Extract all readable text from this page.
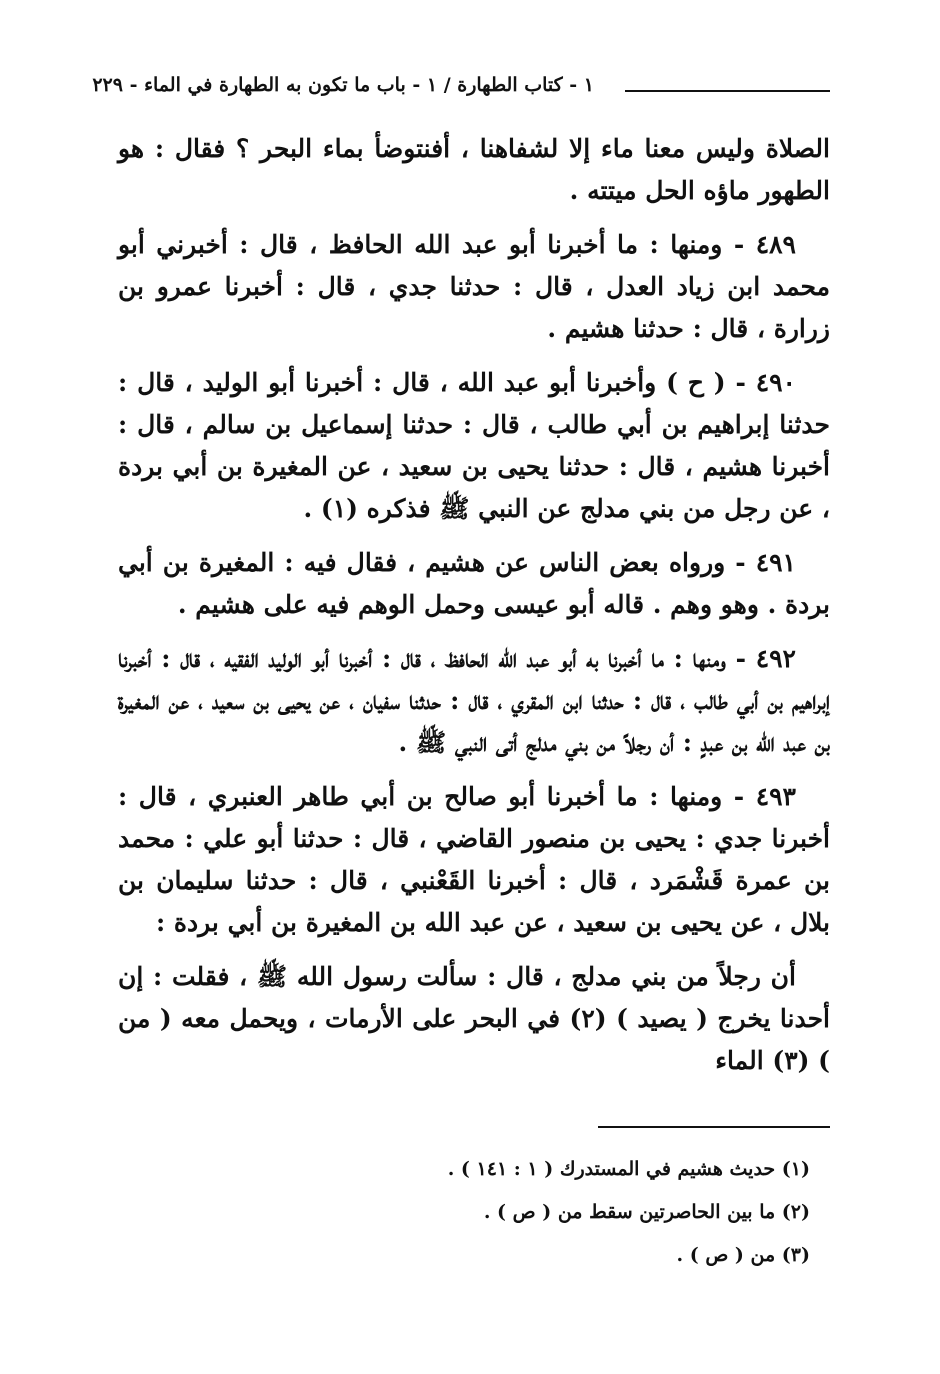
١ - كتاب الطهارة / ١ - باب ما تكون به الطهارة في الماء - ٢٢٩

الصلاة وليس معنا ماء إلا لشفاهنا ، أفنتوضأ بماء البحر ؟ فقال : هو الطهور ماؤه الحل ميتته .

٤٨٩ - ومنها : ما أخبرنا أبو عبد الله الحافظ ، قال : أخبرني أبو محمد ابن زياد العدل ، قال : حدثنا جدي ، قال : أخبرنا عمرو بن زرارة ، قال : حدثنا هشيم .

٤٩٠ - ( ح ) وأخبرنا أبو عبد الله ، قال : أخبرنا أبو الوليد ، قال : حدثنا إبراهيم بن أبي طالب ، قال : حدثنا إسماعيل بن سالم ، قال : أخبرنا هشيم ، قال : حدثنا يحيى بن سعيد ، عن المغيرة بن أبي بردة ، عن رجل من بني مدلج عن النبي ﷺ فذكره (١) .

٤٩١ - ورواه بعض الناس عن هشيم ، فقال فيه : المغيرة بن أبي بردة . وهو وهم . قاله أبو عيسى وحمل الوهم فيه على هشيم .

٤٩٢ - ومنها : ما أخبرنا به أبو عبد الله الحافظ ، قال : أخبرنا أبو الوليد الفقيه ، قال : أخبرنا إبراهيم بن أبي طالب ، قال : حدثنا ابن المقري ، قال : حدثنا سفيان ، عن يحيى بن سعيد ، عن المغيرة بن عبد الله بن عبدٍ : أن رجلاً من بني مدلج أتى النبي ﷺ .

٤٩٣ - ومنها : ما أخبرنا أبو صالح بن أبي طاهر العنبري ، قال : أخبرنا جدي : يحيى بن منصور القاضي ، قال : حدثنا أبو علي : محمد بن عمرة قَشْمَرد ، قال : أخبرنا القَعْنبي ، قال : حدثنا سليمان بن بلال ، عن يحيى بن سعيد ، عن عبد الله بن المغيرة بن أبي بردة :

أن رجلاً من بني مدلج ، قال : سألت رسول الله ﷺ ، فقلت : إن أحدنا يخرج ( يصيد ) (٢) في البحر على الأرمات ، ويحمل معه ( من ) (٣) الماء

(١) حديث هشيم في المستدرك ( ١ : ١٤١ ) .
(٢) ما بين الحاصرتين سقط من ( ص ) .
(٣) من ( ص ) .
